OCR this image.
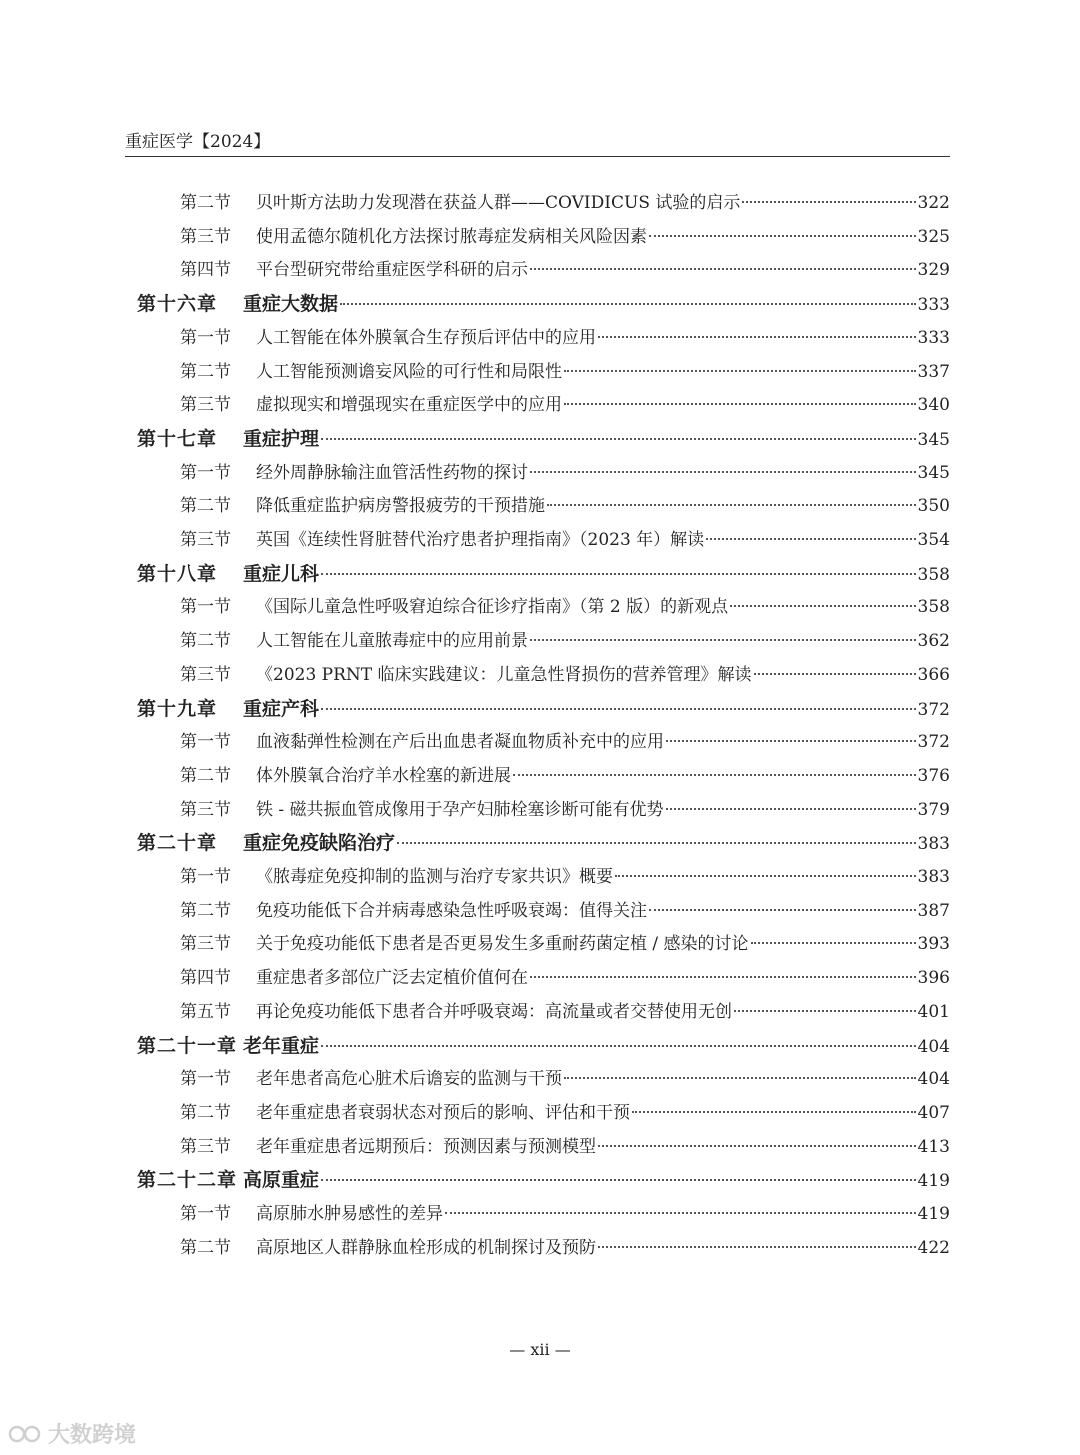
重症医学【2024】
第二节	贝叶斯方法助力发现潜在获益人群——COVIDICUS 试验的启示	322
第三节	使用孟德尔随机化方法探讨脓毒症发病相关风险因素	325
第四节	平台型研究带给重症医学科研的启示	329
第十六章	重症大数据	333
第一节	人工智能在体外膜氧合生存预后评估中的应用	333
第二节	人工智能预测谵妄风险的可行性和局限性	337
第三节	虚拟现实和增强现实在重症医学中的应用	340
第十七章	重症护理	345
第一节	经外周静脉输注血管活性药物的探讨	345
第二节	降低重症监护病房警报疲劳的干预措施	350
第三节	英国《连续性肾脏替代治疗患者护理指南》（2023 年）解读	354
第十八章	重症儿科	358
第一节	《国际儿童急性呼吸窘迫综合征诊疗指南》（第 2 版）的新观点	358
第二节	人工智能在儿童脓毒症中的应用前景	362
第三节	《2023 PRNT 临床实践建议：儿童急性肾损伤的营养管理》解读	366
第十九章	重症产科	372
第一节	血液黏弹性检测在产后出血患者凝血物质补充中的应用	372
第二节	体外膜氧合治疗羊水栓塞的新进展	376
第三节	铁 - 磁共振血管成像用于孕产妇肺栓塞诊断可能有优势	379
第二十章	重症免疫缺陷治疗	383
第一节	《脓毒症免疫抑制的监测与治疗专家共识》概要	383
第二节	免疫功能低下合并病毒感染急性呼吸衰竭：值得关注	387
第三节	关于免疫功能低下患者是否更易发生多重耐药菌定植 / 感染的讨论	393
第四节	重症患者多部位广泛去定植价值何在	396
第五节	再论免疫功能低下患者合并呼吸衰竭：高流量或者交替使用无创	401
第二十一章 老年重症	404
第一节	老年患者高危心脏术后谵妄的监测与干预	404
第二节	老年重症患者衰弱状态对预后的影响、评估和干预	407
第三节	老年重症患者远期预后：预测因素与预测模型	413
第二十二章 高原重症	419
第一节	高原肺水肿易感性的差异	419
第二节	高原地区人群静脉血栓形成的机制探讨及预防	422
— xii —
大数跨境
